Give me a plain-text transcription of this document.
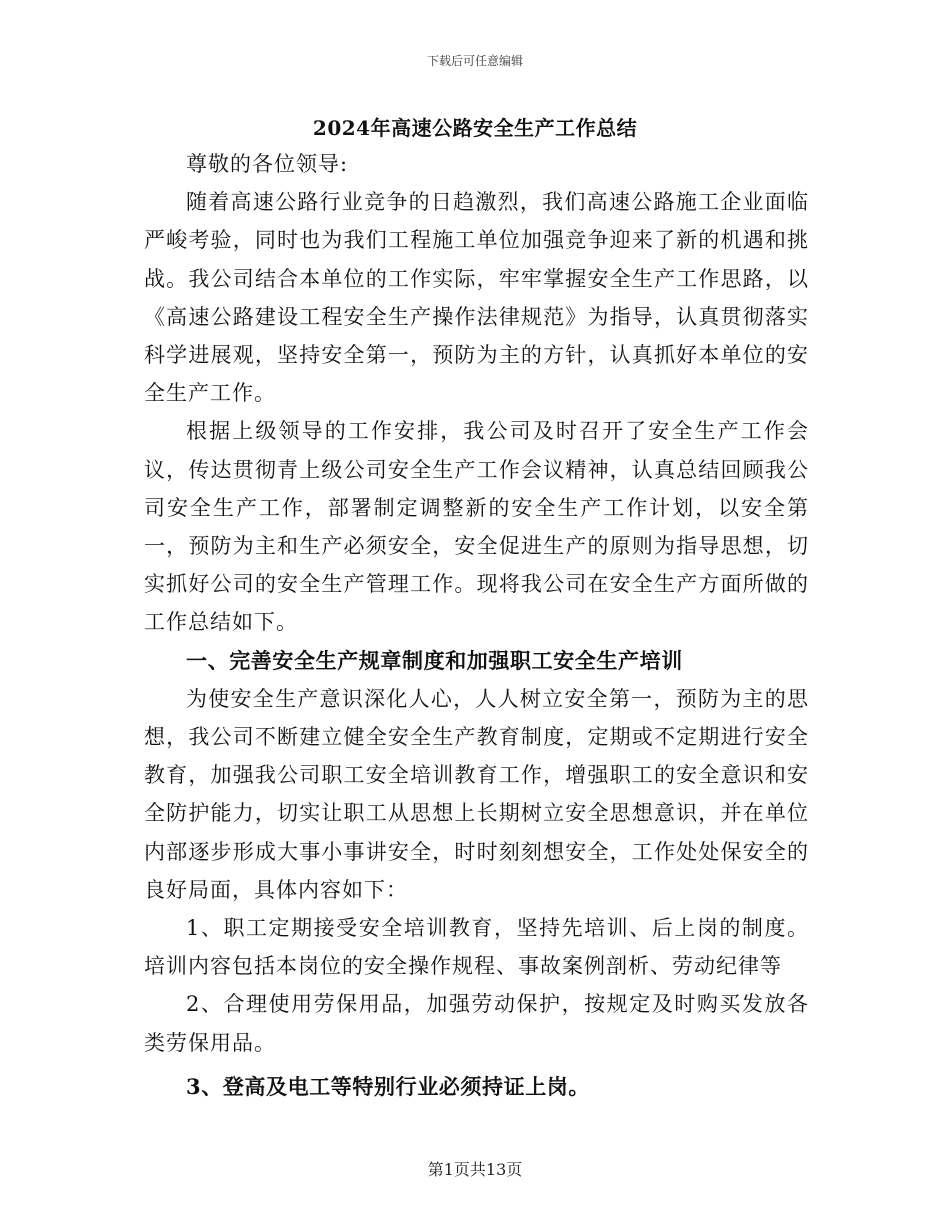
下载后可任意编辑
2024年高速公路安全生产工作总结

尊敬的各位领导:

随着高速公路行业竞争的日趋激烈，我们高速公路施工企业面临严峻考验，同时也为我们工程施工单位加强竞争迎来了新的机遇和挑战。我公司结合本单位的工作实际，牢牢掌握安全生产工作思路，以《高速公路建设工程安全生产操作法律规范》为指导，认真贯彻落实科学进展观，坚持安全第一，预防为主的方针，认真抓好本单位的安全生产工作。

根据上级领导的工作安排，我公司及时召开了安全生产工作会议，传达贯彻青上级公司安全生产工作会议精神，认真总结回顾我公司安全生产工作，部署制定调整新的安全生产工作计划，以安全第一，预防为主和生产必须安全，安全促进生产的原则为指导思想，切实抓好公司的安全生产管理工作。现将我公司在安全生产方面所做的工作总结如下。

一、完善安全生产规章制度和加强职工安全生产培训

为使安全生产意识深化人心，人人树立安全第一，预防为主的思想，我公司不断建立健全安全生产教育制度，定期或不定期进行安全教育，加强我公司职工安全培训教育工作，增强职工的安全意识和安全防护能力，切实让职工从思想上长期树立安全思想意识，并在单位内部逐步形成大事小事讲安全，时时刻刻想安全，工作处处保安全的良好局面，具体内容如下：

1、职工定期接受安全培训教育，坚持先培训、后上岗的制度。培训内容包括本岗位的安全操作规程、事故案例剖析、劳动纪律等

2、合理使用劳保用品，加强劳动保护，按规定及时购买发放各类劳保用品。

3、登高及电工等特别行业必须持证上岗。

第1页共13页
